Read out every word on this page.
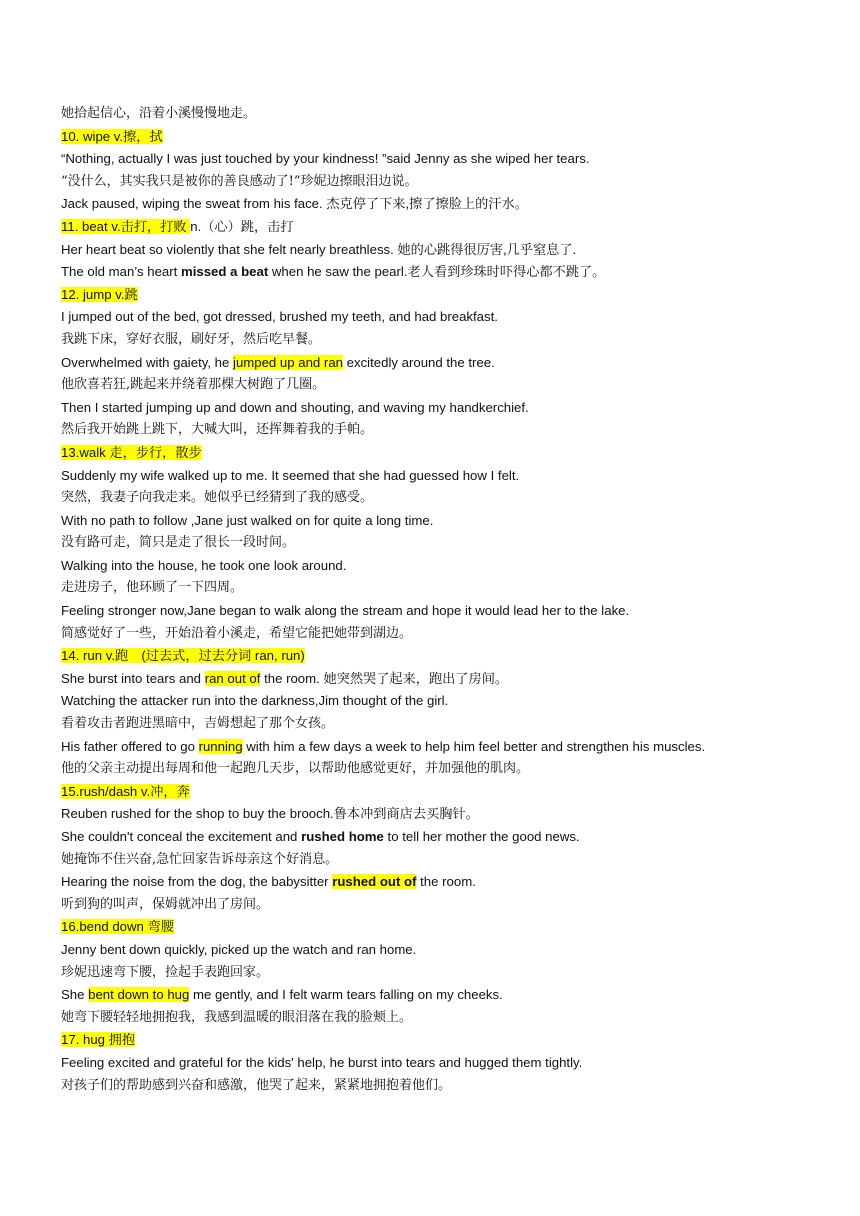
她拾起信心，沿着小溪慢慢地走。
10. wipe v.擦，拭
“Nothing, actually I was just touched by your kindness! ”said Jenny as she wiped her tears.
“没什么，其实我只是被你的善良感动了!”珍妮边擦眼泪边说。
Jack paused, wiping the sweat from his face. 杰克停了下来,擦了擦脸上的汗水。
11. beat v.击打，打败 n.（心）跳，击打
Her heart beat so violently that she felt nearly breathless. 她的心跳得很厉害,几乎窒息了.
The old man’s heart missed a beat when he saw the pearl.老人看到珍珠时吓得心都不跳了。
12. jump v.跳
I jumped out of the bed, got dressed, brushed my teeth, and had breakfast.
我跳下床，穿好衣服，刷好牙，然后吃早餐。
Overwhelmed with gaiety, he jumped up and ran excitedly around the tree.
他欣喜若狂,跳起来并绕着那棵大树跑了几圈。
Then I started jumping up and down and shouting, and waving my handkerchief.
然后我开始跳上跳下，大喊大叫，还挥舞着我的手帕。
13.walk 走，步行，散步
Suddenly my wife walked up to me. It seemed that she had guessed how I felt.
突然，我妻子向我走来。她似乎已经猜到了我的感受。
With no path to follow ,Jane just walked on for quite a long time.
没有路可走，简只是走了很长一段时间。
Walking into the house, he took one look around.
走进房子，他环顾了一下四周。
Feeling stronger now,Jane began to walk along the stream and hope it would lead her to the lake.
简感觉好了一些，开始沿着小溪走，希望它能把她带到湖边。
14. run v.跑　(过去式，过去分词 ran, run)
She burst into tears and ran out of the room. 她突然哭了起来，跑出了房间。
Watching the attacker run into the darkness,Jim thought of the girl.
看着攻击者跑进黑暗中，吉姆想起了那个女孩。
His father offered to go running with him a few days a week to help him feel better and strengthen his muscles.
他的父亲主动提出每周和他一起跑几天步，以帮助他感觉更好，并加强他的肌肉。
15.rush/dash v.冲，奔
Reuben rushed for the shop to buy the brooch.鲁本冲到商店去买胸针。
She couldn't conceal the excitement and rushed home to tell her mother the good news.
她掩饰不住兴奋,急忙回家告诉母亲这个好消息。
Hearing the noise from the dog, the babysitter rushed out of the room.
听到狗的叫声，保姆就冲出了房间。
16.bend down 弯腰
Jenny bent down quickly, picked up the watch and ran home.
珍妮迅速弯下腰，捡起手表跑回家。
She bent down to hug me gently, and I felt warm tears falling on my cheeks.
她弯下腰轻轻地拥抱我，我感到温暖的眼泪落在我的脸颊上。
17. hug 拥抱
Feeling excited and grateful for the kids' help, he burst into tears and hugged them tightly.
对孩子们的帮助感到兴奋和感激，他哭了起来，紧紧地拥抱着他们。
